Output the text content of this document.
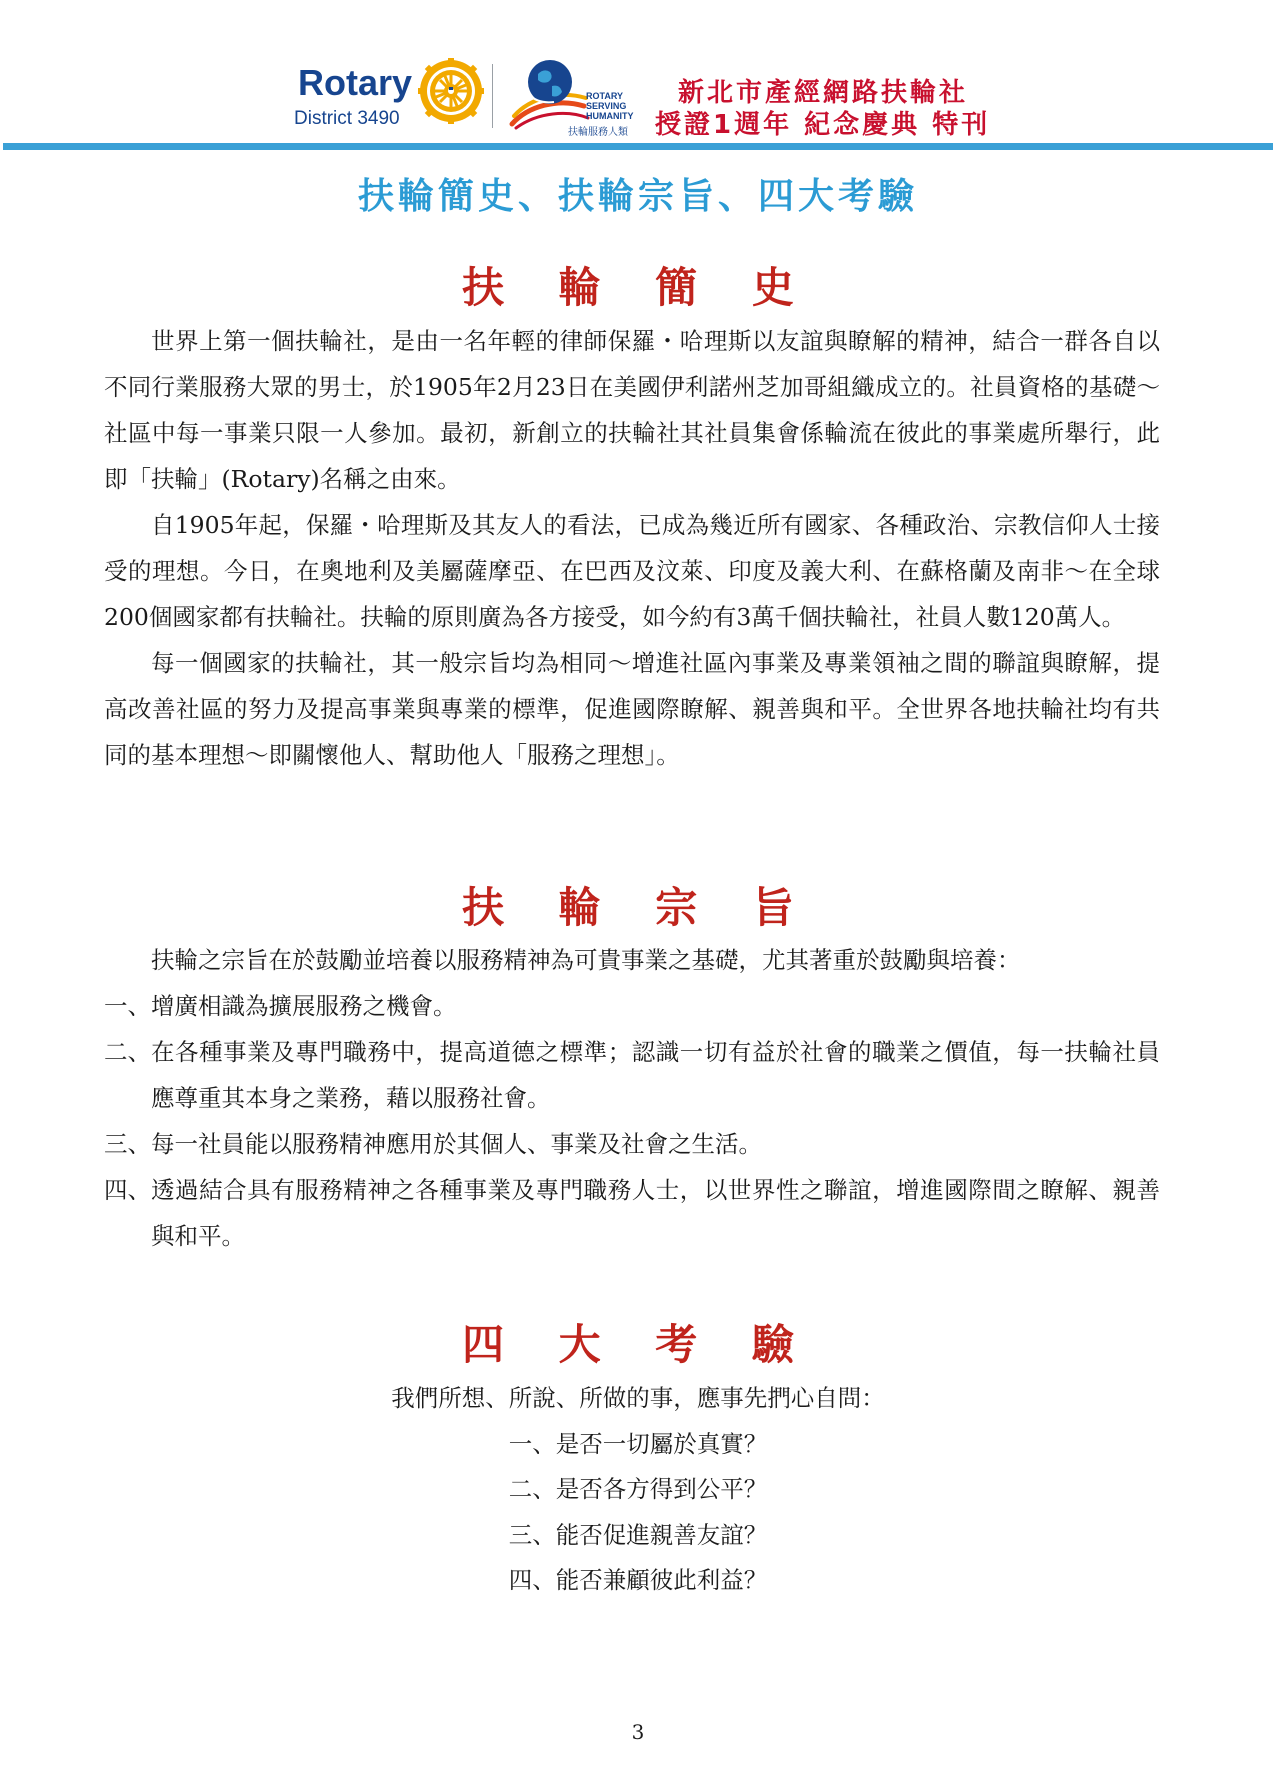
Rotary
District 3490
ROTARY
SERVING
HUMANITY
扶輪服務人類
新北市產經網路扶輪社
授證1週年 紀念慶典 特刊
扶輪簡史、扶輪宗旨、四大考驗
扶 輪 簡 史

世界上第一個扶輪社，是由一名年輕的律師保羅・哈理斯以友誼與瞭解的精神，結合一群各自以不同行業服務大眾的男士，於1905年2月23日在美國伊利諾州芝加哥組織成立的。社員資格的基礎～社區中每一事業只限一人參加。最初，新創立的扶輪社其社員集會係輪流在彼此的事業處所舉行，此即「扶輪」(Rotary)名稱之由來。

自1905年起，保羅・哈理斯及其友人的看法，已成為幾近所有國家、各種政治、宗教信仰人士接受的理想。今日，在奧地利及美屬薩摩亞、在巴西及汶萊、印度及義大利、在蘇格蘭及南非～在全球200個國家都有扶輪社。扶輪的原則廣為各方接受，如今約有3萬千個扶輪社，社員人數120萬人。

每一個國家的扶輪社，其一般宗旨均為相同～增進社區內事業及專業領袖之間的聯誼與瞭解，提高改善社區的努力及提高事業與專業的標準，促進國際瞭解、親善與和平。全世界各地扶輪社均有共同的基本理想～即關懷他人、幫助他人「服務之理想」。

扶 輪 宗 旨

扶輪之宗旨在於鼓勵並培養以服務精神為可貴事業之基礎，尤其著重於鼓勵與培養：

一、 增廣相識為擴展服務之機會。
二、 在各種事業及專門職務中，提高道德之標準；認識一切有益於社會的職業之價值，每一扶輪社員應尊重其本身之業務，藉以服務社會。
三、 每一社員能以服務精神應用於其個人、事業及社會之生活。
四、 透過結合具有服務精神之各種事業及專門職務人士，以世界性之聯誼，增進國際間之瞭解、親善與和平。
四 大 考 驗
我們所想、所說、所做的事，應事先捫心自問：
一、是否一切屬於真實？
二、是否各方得到公平？
三、能否促進親善友誼？
四、能否兼顧彼此利益？
3
